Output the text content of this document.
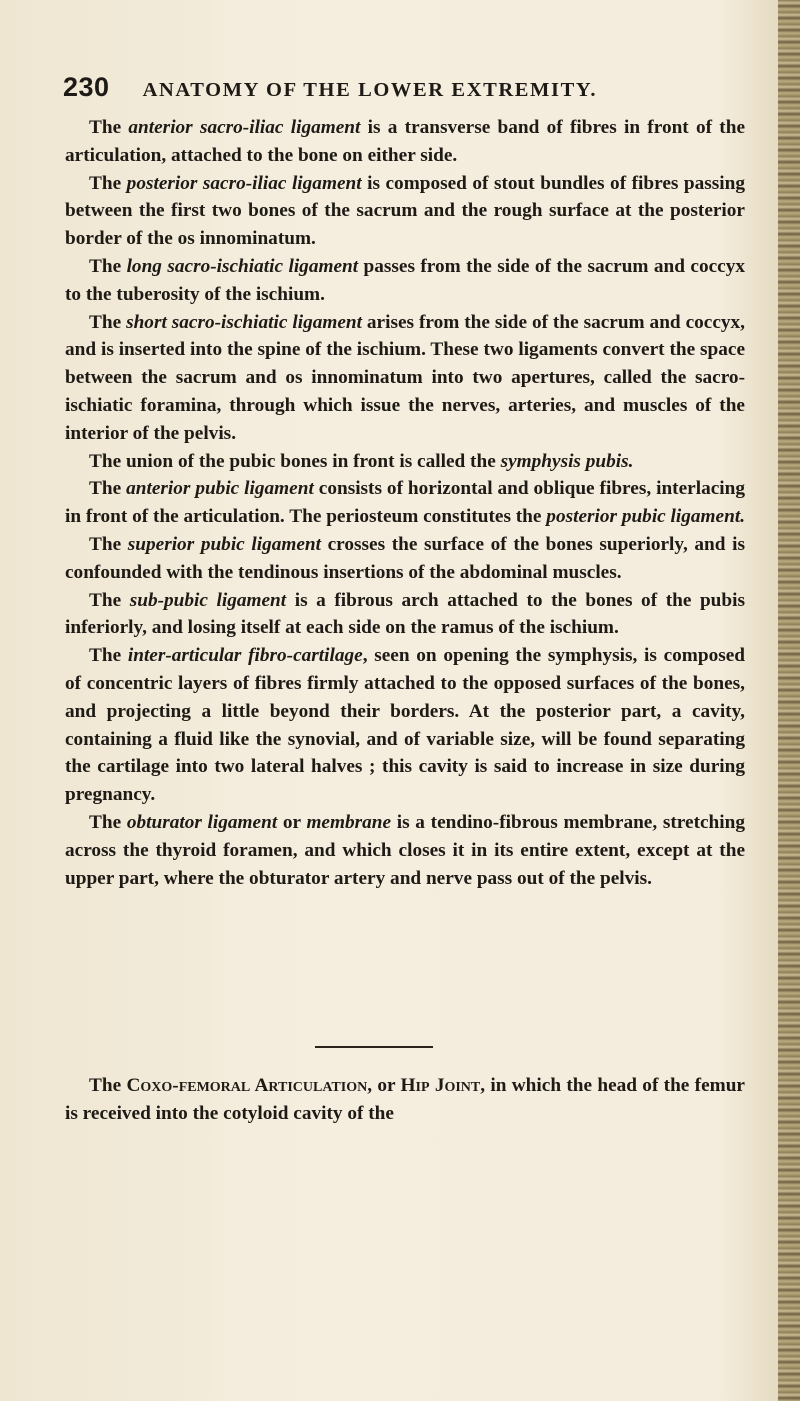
230 ANATOMY OF THE LOWER EXTREMITY.

The anterior sacro-iliac ligament is a transverse band of fibres in front of the articulation, attached to the bone on either side.

The posterior sacro-iliac ligament is composed of stout bundles of fibres passing between the first two bones of the sacrum and the rough surface at the posterior border of the os innominatum.

The long sacro-ischiatic ligament passes from the side of the sacrum and coccyx to the tuberosity of the ischium.

The short sacro-ischiatic ligament arises from the side of the sacrum and coccyx, and is inserted into the spine of the ischium. These two ligaments convert the space between the sacrum and os innominatum into two apertures, called the sacro-ischiatic foramina, through which issue the nerves, arteries, and muscles of the interior of the pelvis.

The union of the pubic bones in front is called the symphysis pubis.

The anterior pubic ligament consists of horizontal and oblique fibres, interlacing in front of the articulation. The periosteum constitutes the posterior pubic ligament.

The superior pubic ligament crosses the surface of the bones superiorly, and is confounded with the tendinous insertions of the abdominal muscles.

The sub-pubic ligament is a fibrous arch attached to the bones of the pubis inferiorly, and losing itself at each side on the ramus of the ischium.

The inter-articular fibro-cartilage, seen on opening the symphysis, is composed of concentric layers of fibres firmly attached to the opposed surfaces of the bones, and projecting a little beyond their borders. At the posterior part, a cavity, containing a fluid like the synovial, and of variable size, will be found separating the cartilage into two lateral halves ; this cavity is said to increase in size during pregnancy.

The obturator ligament or membrane is a tendino-fibrous membrane, stretching across the thyroid foramen, and which closes it in its entire extent, except at the upper part, where the obturator artery and nerve pass out of the pelvis.

The Coxo-femoral Articulation, or Hip Joint, in which the head of the femur is received into the cotyloid cavity of the
